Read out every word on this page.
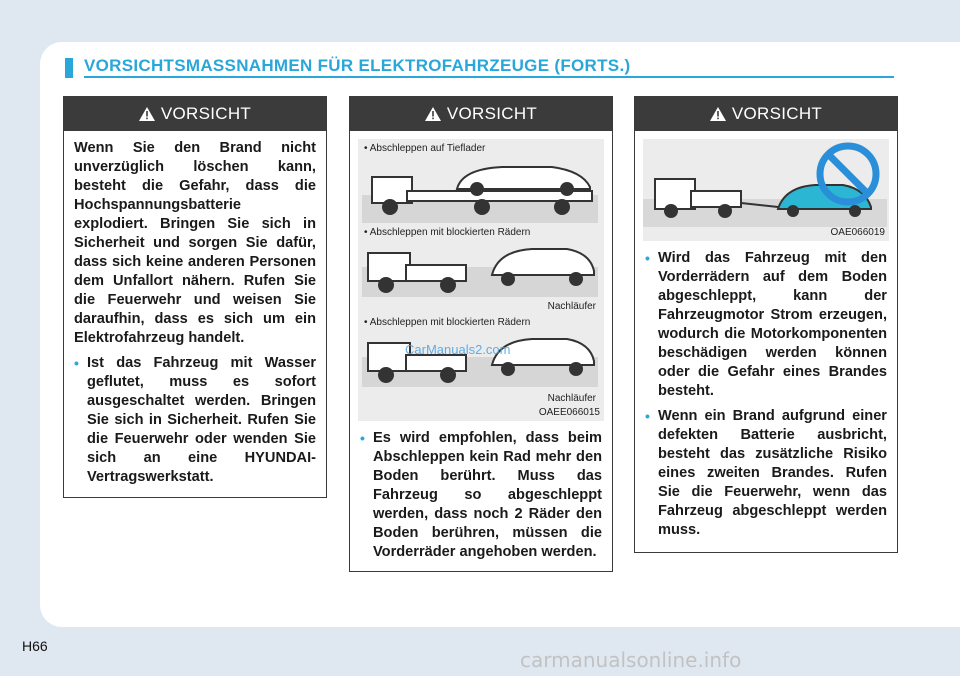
VORSICHTSMASSNAHMEN FÜR ELEKTROFAHRZEUGE (FORTS.)
VORSICHT
Wenn Sie den Brand nicht unverzüglich löschen kann, besteht die Gefahr, dass die Hochspannungsbatterie explodiert. Bringen Sie sich in Sicherheit und sorgen Sie dafür, dass sich keine anderen Personen dem Unfallort nähern. Rufen Sie die Feuerwehr und weisen Sie daraufhin, dass es sich um ein Elektrofahrzeug handelt.
• Ist das Fahrzeug mit Wasser geflutet, muss es sofort ausgeschaltet werden. Bringen Sie sich in Sicherheit. Rufen Sie die Feuerwehr oder wenden Sie sich an eine HYUNDAI-Vertragswerkstatt.
VORSICHT
• Abschleppen auf Tieflader
• Abschleppen mit blockierten Rädern
Nachläufer
• Abschleppen mit blockierten Rädern
Nachläufer
OAEE066015
• Es wird empfohlen, dass beim Abschleppen kein Rad mehr den Boden berührt. Muss das Fahrzeug so abgeschleppt werden, dass noch 2 Räder den Boden berühren, müssen die Vorderräder angehoben werden.
VORSICHT
OAE066019
• Wird das Fahrzeug mit den Vorderrädern auf dem Boden abgeschleppt, kann der Fahrzeugmotor Strom erzeugen, wodurch die Motorkomponenten beschädigen werden können oder die Gefahr eines Brandes besteht.
• Wenn ein Brand aufgrund einer defekten Batterie ausbricht, besteht das zusätzliche Risiko eines zweiten Brandes. Rufen Sie die Feuerwehr, wenn das Fahrzeug abgeschleppt werden muss.
CarManuals2.com
H66
carmanualsonline.info
